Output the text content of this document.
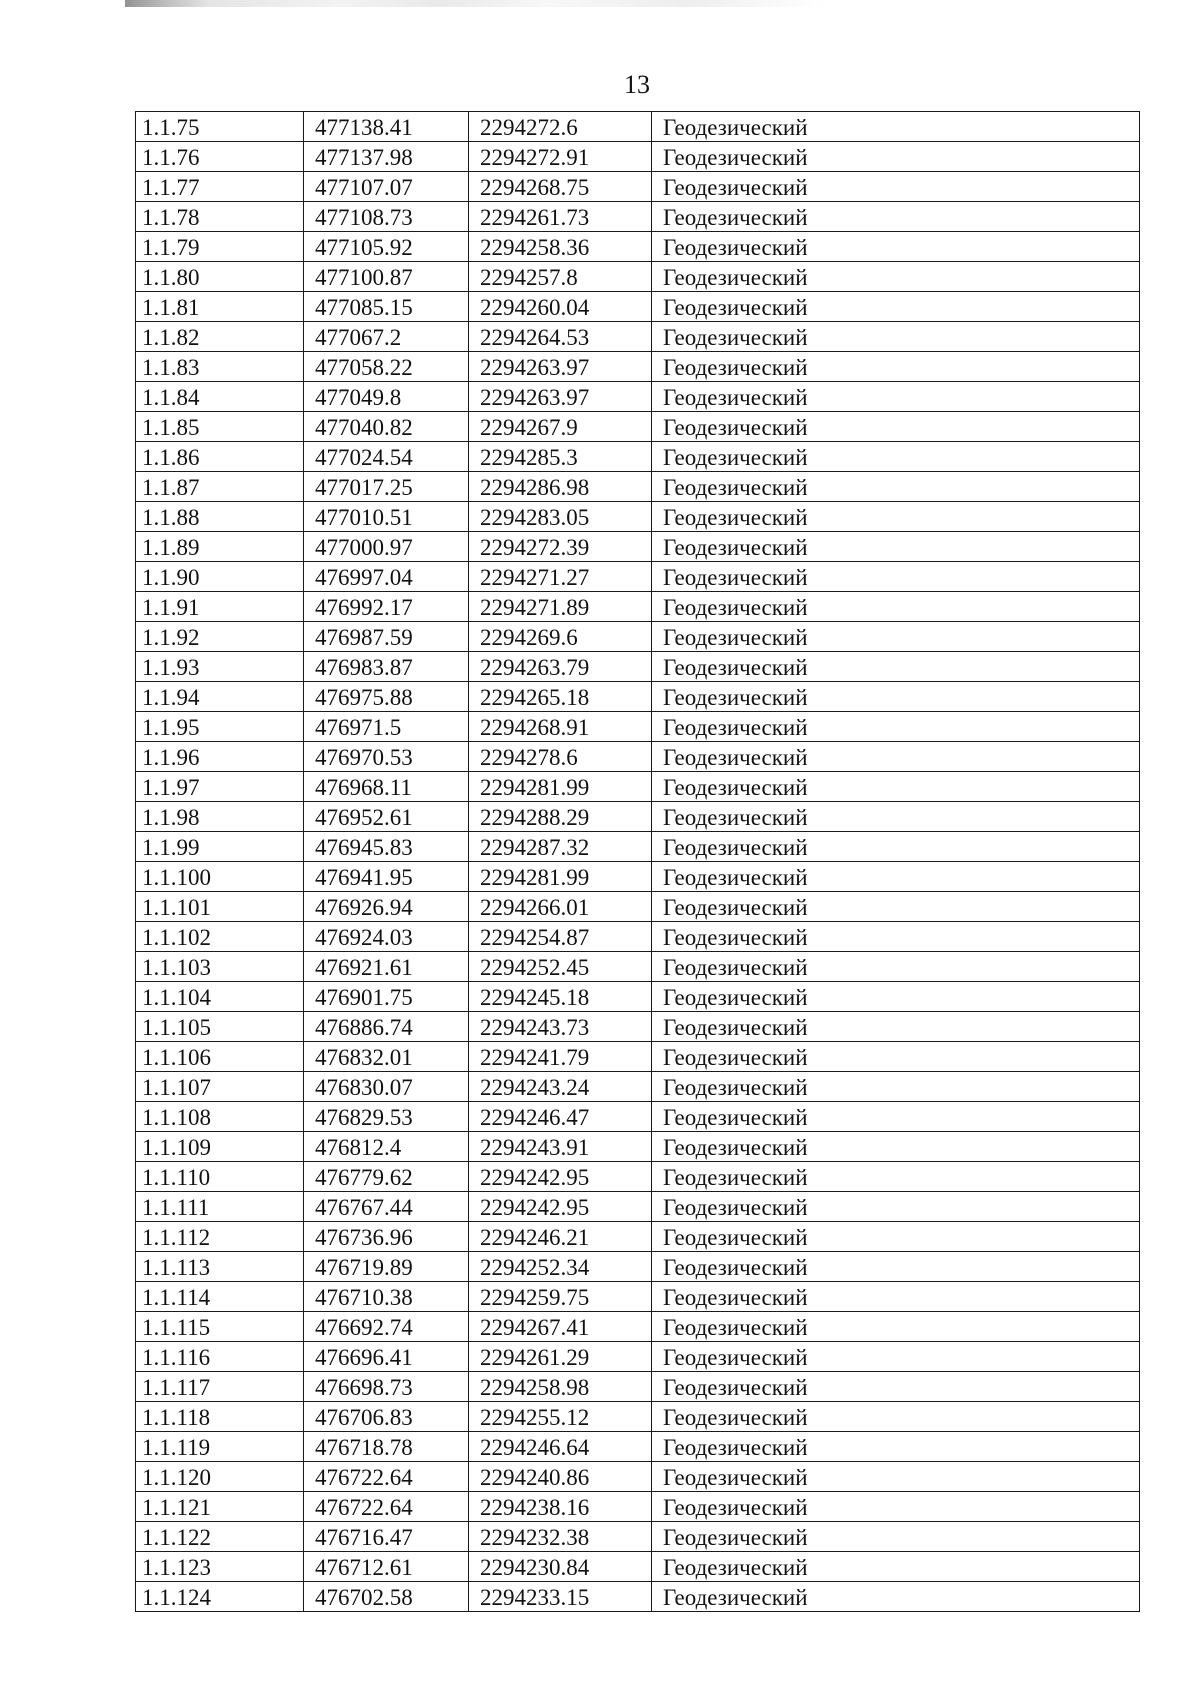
13
1.1.75	477138.41	2294272.6	Геодезический
1.1.76	477137.98	2294272.91	Геодезический
1.1.77	477107.07	2294268.75	Геодезический
1.1.78	477108.73	2294261.73	Геодезический
1.1.79	477105.92	2294258.36	Геодезический
1.1.80	477100.87	2294257.8	Геодезический
1.1.81	477085.15	2294260.04	Геодезический
1.1.82	477067.2	2294264.53	Геодезический
1.1.83	477058.22	2294263.97	Геодезический
1.1.84	477049.8	2294263.97	Геодезический
1.1.85	477040.82	2294267.9	Геодезический
1.1.86	477024.54	2294285.3	Геодезический
1.1.87	477017.25	2294286.98	Геодезический
1.1.88	477010.51	2294283.05	Геодезический
1.1.89	477000.97	2294272.39	Геодезический
1.1.90	476997.04	2294271.27	Геодезический
1.1.91	476992.17	2294271.89	Геодезический
1.1.92	476987.59	2294269.6	Геодезический
1.1.93	476983.87	2294263.79	Геодезический
1.1.94	476975.88	2294265.18	Геодезический
1.1.95	476971.5	2294268.91	Геодезический
1.1.96	476970.53	2294278.6	Геодезический
1.1.97	476968.11	2294281.99	Геодезический
1.1.98	476952.61	2294288.29	Геодезический
1.1.99	476945.83	2294287.32	Геодезический
1.1.100	476941.95	2294281.99	Геодезический
1.1.101	476926.94	2294266.01	Геодезический
1.1.102	476924.03	2294254.87	Геодезический
1.1.103	476921.61	2294252.45	Геодезический
1.1.104	476901.75	2294245.18	Геодезический
1.1.105	476886.74	2294243.73	Геодезический
1.1.106	476832.01	2294241.79	Геодезический
1.1.107	476830.07	2294243.24	Геодезический
1.1.108	476829.53	2294246.47	Геодезический
1.1.109	476812.4	2294243.91	Геодезический
1.1.110	476779.62	2294242.95	Геодезический
1.1.111	476767.44	2294242.95	Геодезический
1.1.112	476736.96	2294246.21	Геодезический
1.1.113	476719.89	2294252.34	Геодезический
1.1.114	476710.38	2294259.75	Геодезический
1.1.115	476692.74	2294267.41	Геодезический
1.1.116	476696.41	2294261.29	Геодезический
1.1.117	476698.73	2294258.98	Геодезический
1.1.118	476706.83	2294255.12	Геодезический
1.1.119	476718.78	2294246.64	Геодезический
1.1.120	476722.64	2294240.86	Геодезический
1.1.121	476722.64	2294238.16	Геодезический
1.1.122	476716.47	2294232.38	Геодезический
1.1.123	476712.61	2294230.84	Геодезический
1.1.124	476702.58	2294233.15	Геодезический
